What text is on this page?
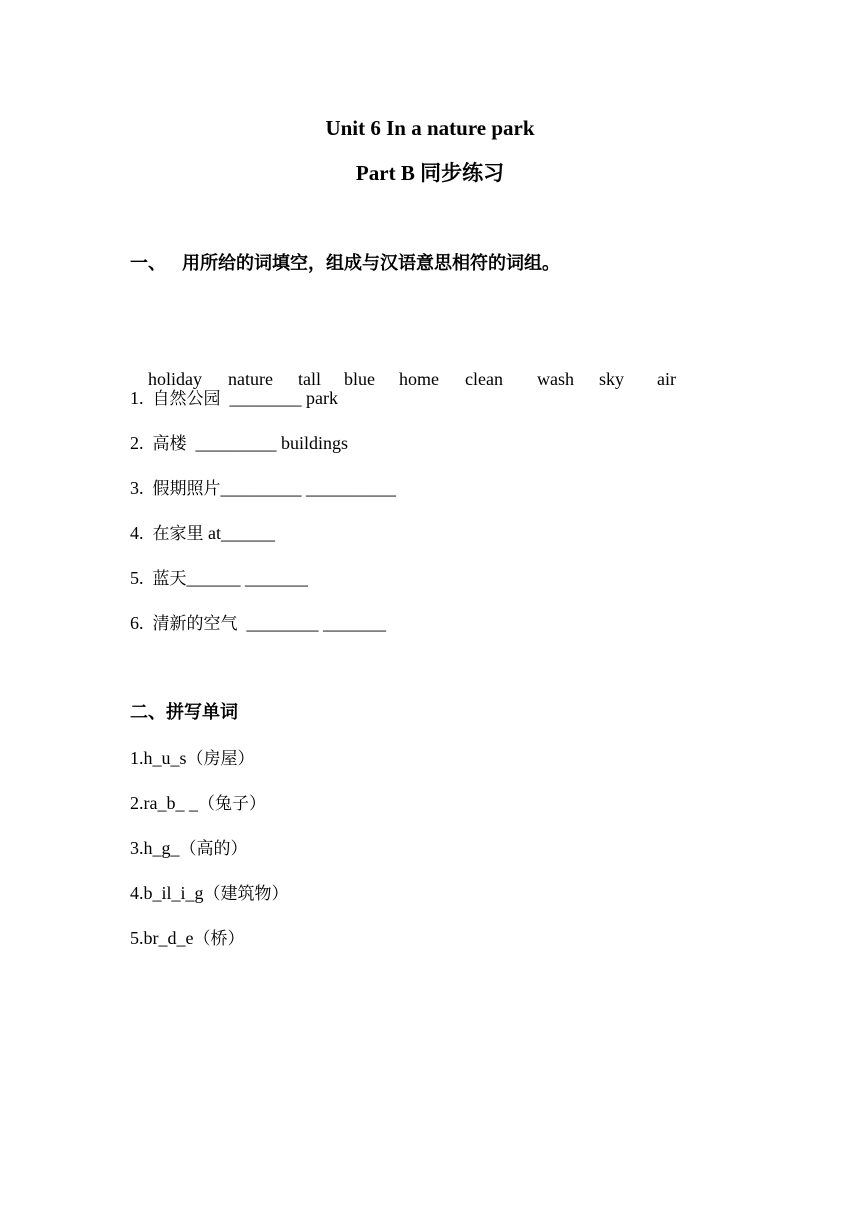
Unit 6 In a nature park
Part B 同步练习
一、 用所给的词填空，组成与汉语意思相符的词组。

holiday nature tall blue home clean wash sky air

1. 自然公园  ________ park
2. 高楼  _________ buildings
3. 假期照片_________ __________
4. 在家里 at______
5. 蓝天______ _______
6. 清新的空气  ________ _______
二、拼写单词
1.h_u_s（房屋）
2.ra_b_ _（兔子）
3.h_g_（高的）
4.b_il_i_g（建筑物）
5.br_d_e（桥）
